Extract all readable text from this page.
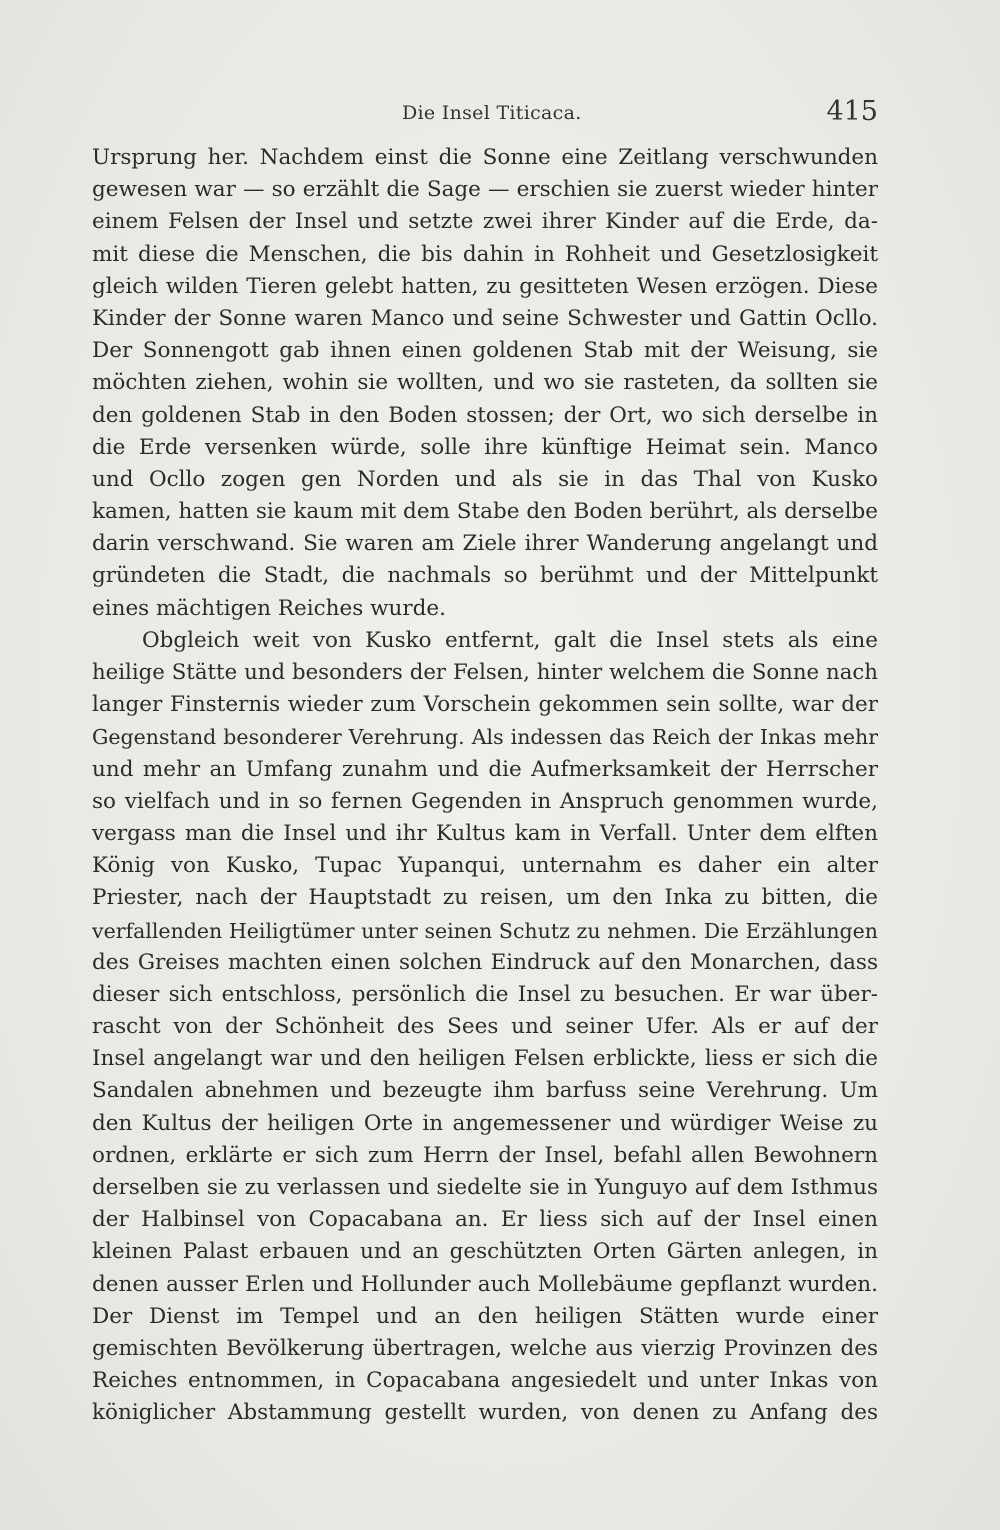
Die Insel Titicaca.	415
Ursprung her. Nachdem einst die Sonne eine Zeitlang verschwunden
gewesen war — so erzählt die Sage — erschien sie zuerst wieder hinter
einem Felsen der Insel und setzte zwei ihrer Kinder auf die Erde, da-
mit diese die Menschen, die bis dahin in Rohheit und Gesetzlosigkeit
gleich wilden Tieren gelebt hatten, zu gesitteten Wesen erzögen. Diese
Kinder der Sonne waren Manco und seine Schwester und Gattin Ocllo.
Der Sonnengott gab ihnen einen goldenen Stab mit der Weisung, sie
möchten ziehen, wohin sie wollten, und wo sie rasteten, da sollten sie
den goldenen Stab in den Boden stossen; der Ort, wo sich derselbe in
die Erde versenken würde, solle ihre künftige Heimat sein. Manco
und Ocllo zogen gen Norden und als sie in das Thal von Kusko
kamen, hatten sie kaum mit dem Stabe den Boden berührt, als derselbe
darin verschwand. Sie waren am Ziele ihrer Wanderung angelangt und
gründeten die Stadt, die nachmals so berühmt und der Mittelpunkt
eines mächtigen Reiches wurde.
Obgleich weit von Kusko entfernt, galt die Insel stets als eine
heilige Stätte und besonders der Felsen, hinter welchem die Sonne nach
langer Finsternis wieder zum Vorschein gekommen sein sollte, war der
Gegenstand besonderer Verehrung. Als indessen das Reich der Inkas mehr
und mehr an Umfang zunahm und die Aufmerksamkeit der Herrscher
so vielfach und in so fernen Gegenden in Anspruch genommen wurde,
vergass man die Insel und ihr Kultus kam in Verfall. Unter dem elften
König von Kusko, Tupac Yupanqui, unternahm es daher ein alter
Priester, nach der Hauptstadt zu reisen, um den Inka zu bitten, die
verfallenden Heiligtümer unter seinen Schutz zu nehmen. Die Erzählungen
des Greises machten einen solchen Eindruck auf den Monarchen, dass
dieser sich entschloss, persönlich die Insel zu besuchen. Er war über-
rascht von der Schönheit des Sees und seiner Ufer. Als er auf der
Insel angelangt war und den heiligen Felsen erblickte, liess er sich die
Sandalen abnehmen und bezeugte ihm barfuss seine Verehrung. Um
den Kultus der heiligen Orte in angemessener und würdiger Weise zu
ordnen, erklärte er sich zum Herrn der Insel, befahl allen Bewohnern
derselben sie zu verlassen und siedelte sie in Yunguyo auf dem Isthmus
der Halbinsel von Copacabana an. Er liess sich auf der Insel einen
kleinen Palast erbauen und an geschützten Orten Gärten anlegen, in
denen ausser Erlen und Hollunder auch Mollebäume gepflanzt wurden.
Der Dienst im Tempel und an den heiligen Stätten wurde einer
gemischten Bevölkerung übertragen, welche aus vierzig Provinzen des
Reiches entnommen, in Copacabana angesiedelt und unter Inkas von
königlicher Abstammung gestellt wurden, von denen zu Anfang des
